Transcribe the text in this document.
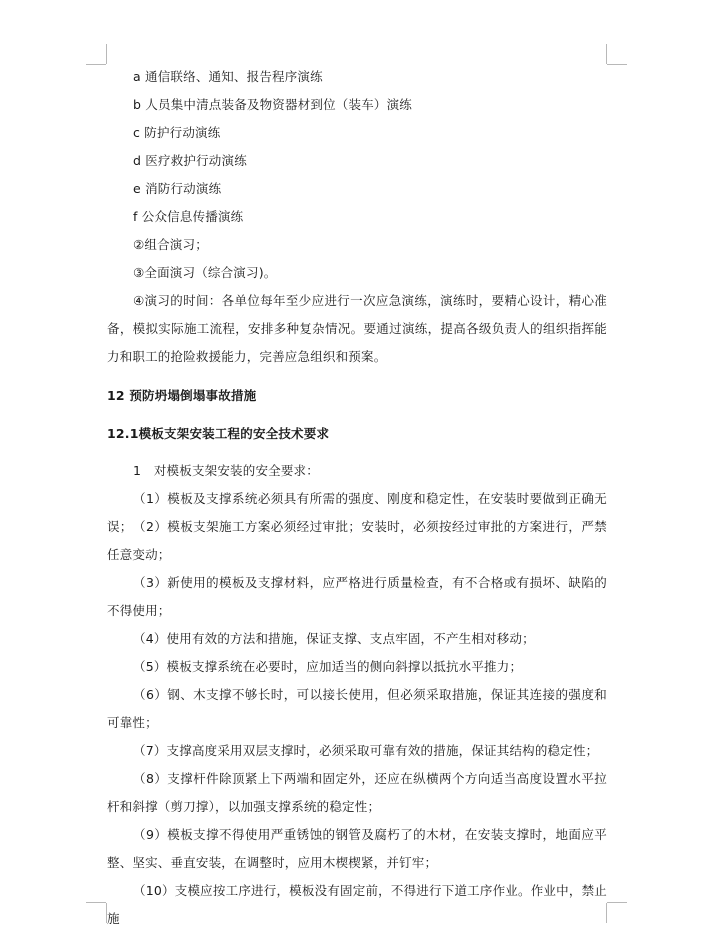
a 通信联络、通知、报告程序演练
b 人员集中清点装备及物资器材到位（装车）演练
c 防护行动演练
d 医疗救护行动演练
e 消防行动演练
f 公众信息传播演练
②组合演习；
③全面演习（综合演习)。
④演习的时间：各单位每年至少应进行一次应急演练，演练时，要精心设计，精心准备，模拟实际施工流程，安排多种复杂情况。要通过演练，提高各级负责人的组织指挥能力和职工的抢险救援能力，完善应急组织和预案。
12 预防坍塌倒塌事故措施
12.1模板支架安装工程的安全技术要求
1　对模板支架安装的安全要求：
（1）模板及支撑系统必须具有所需的强度、刚度和稳定性，在安装时要做到正确无误； （2）模板支架施工方案必须经过审批；安装时，必须按经过审批的方案进行，严禁任意变动；
（3）新使用的模板及支撑材料，应严格进行质量检查，有不合格或有损坏、缺陷的不得使用；
（4）使用有效的方法和措施，保证支撑、支点牢固，不产生相对移动；
（5）模板支撑系统在必要时，应加适当的侧向斜撑以抵抗水平推力；
（6）钢、木支撑不够长时，可以接长使用，但必须采取措施，保证其连接的强度和可靠性；
（7）支撑高度采用双层支撑时，必须采取可靠有效的措施，保证其结构的稳定性；
（8）支撑杆件除顶紧上下两端和固定外，还应在纵横两个方向适当高度设置水平拉杆和斜撑（剪刀撑），以加强支撑系统的稳定性；
（9）模板支撑不得使用严重锈蚀的钢管及腐朽了的木材，在安装支撑时，地面应平整、坚实、垂直安装，在调整时，应用木楔楔紧，并钉牢；
（10）支模应按工序进行，模板没有固定前，不得进行下道工序作业。作业中，禁止施
